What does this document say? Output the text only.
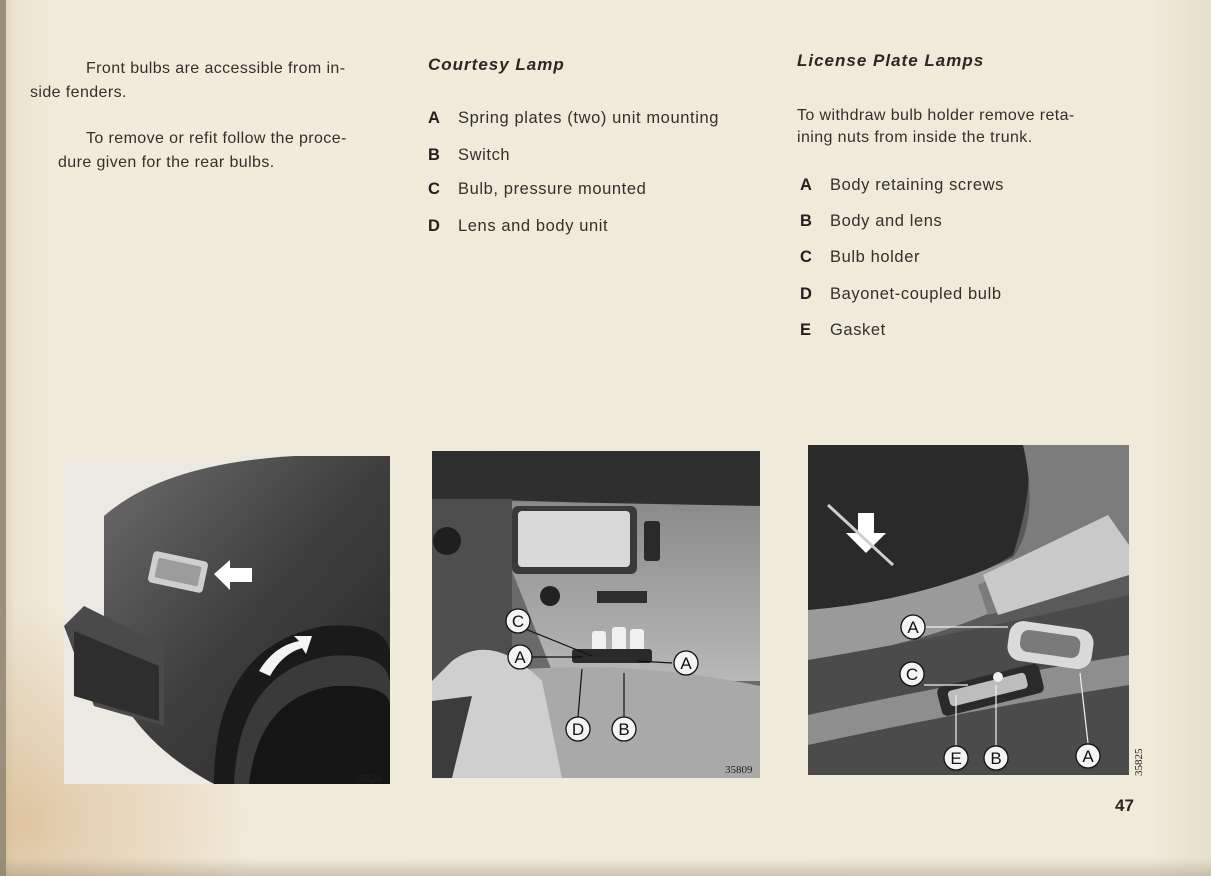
Front bulbs are accessible from in-

side fenders.

To remove or refit follow the proce-

dure given for the rear bulbs.

Courtesy Lamp
A Spring plates (two) unit mounting
B Switch
C Bulb, pressure mounted
D Lens and body unit
License Plate Lamps

To withdraw bulb holder remove reta-

ining nuts from inside the trunk.

A Body retaining screws
B Body and lens
C Bulb holder
D Bayonet-coupled bulb
E Gasket
35824
C
A	A
D B
35809
A
C
E B	A	35825
47
